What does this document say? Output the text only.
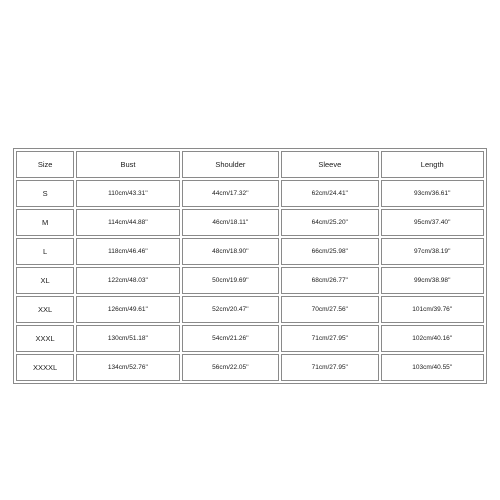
Size	Bust	Shoulder	Sleeve	Length
S	110cm/43.31''	44cm/17.32''	62cm/24.41''	93cm/36.61''
M	114cm/44.88''	46cm/18.11''	64cm/25.20''	95cm/37.40''
L	118cm/46.46''	48cm/18.90''	66cm/25.98''	97cm/38.19''
XL	122cm/48.03''	50cm/19.69''	68cm/26.77''	99cm/38.98''
XXL	126cm/49.61''	52cm/20.47''	70cm/27.56''	101cm/39.76''
XXXL	130cm/51.18''	54cm/21.26''	71cm/27.95''	102cm/40.16''
XXXXL	134cm/52.76''	56cm/22.05''	71cm/27.95''	103cm/40.55''
